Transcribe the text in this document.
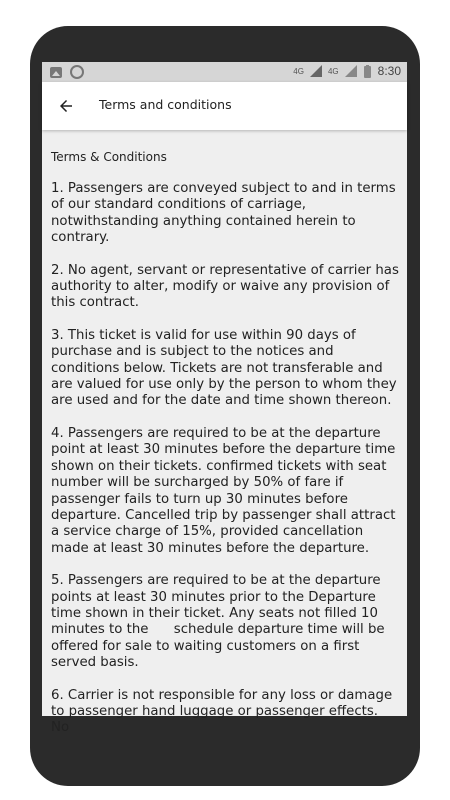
4G	4G	8:30
Terms and conditions
Terms & Conditions
1. Passengers are conveyed subject to and in terms of our standard conditions of carriage, notwithstanding anything contained herein to contrary.
2. No agent, servant or representative of carrier has authority to alter, modify or waive any provision of this contract.
3. This ticket is valid for use within 90 days of purchase and is subject to the notices and conditions below. Tickets are not transferable and are valued for use only by the person to whom they are used and for the date and time shown thereon.
4. Passengers are required to be at the departure point at least 30 minutes before the departure time shown on their tickets. confirmed tickets with seat number will be surcharged by 50% of fare if passenger fails to turn up 30 minutes before departure. Cancelled trip by passenger shall attract a service charge of 15%, provided cancellation made at least 30 minutes before the departure.
5. Passengers are required to be at the departure points at least 30 minutes prior to the Departure time shown in their ticket. Any seats not filled 10 minutes to the      schedule departure time will be offered for sale to waiting customers on a first served basis.
6. Carrier is not responsible for any loss or damage to passenger hand luggage or passenger effects. No
